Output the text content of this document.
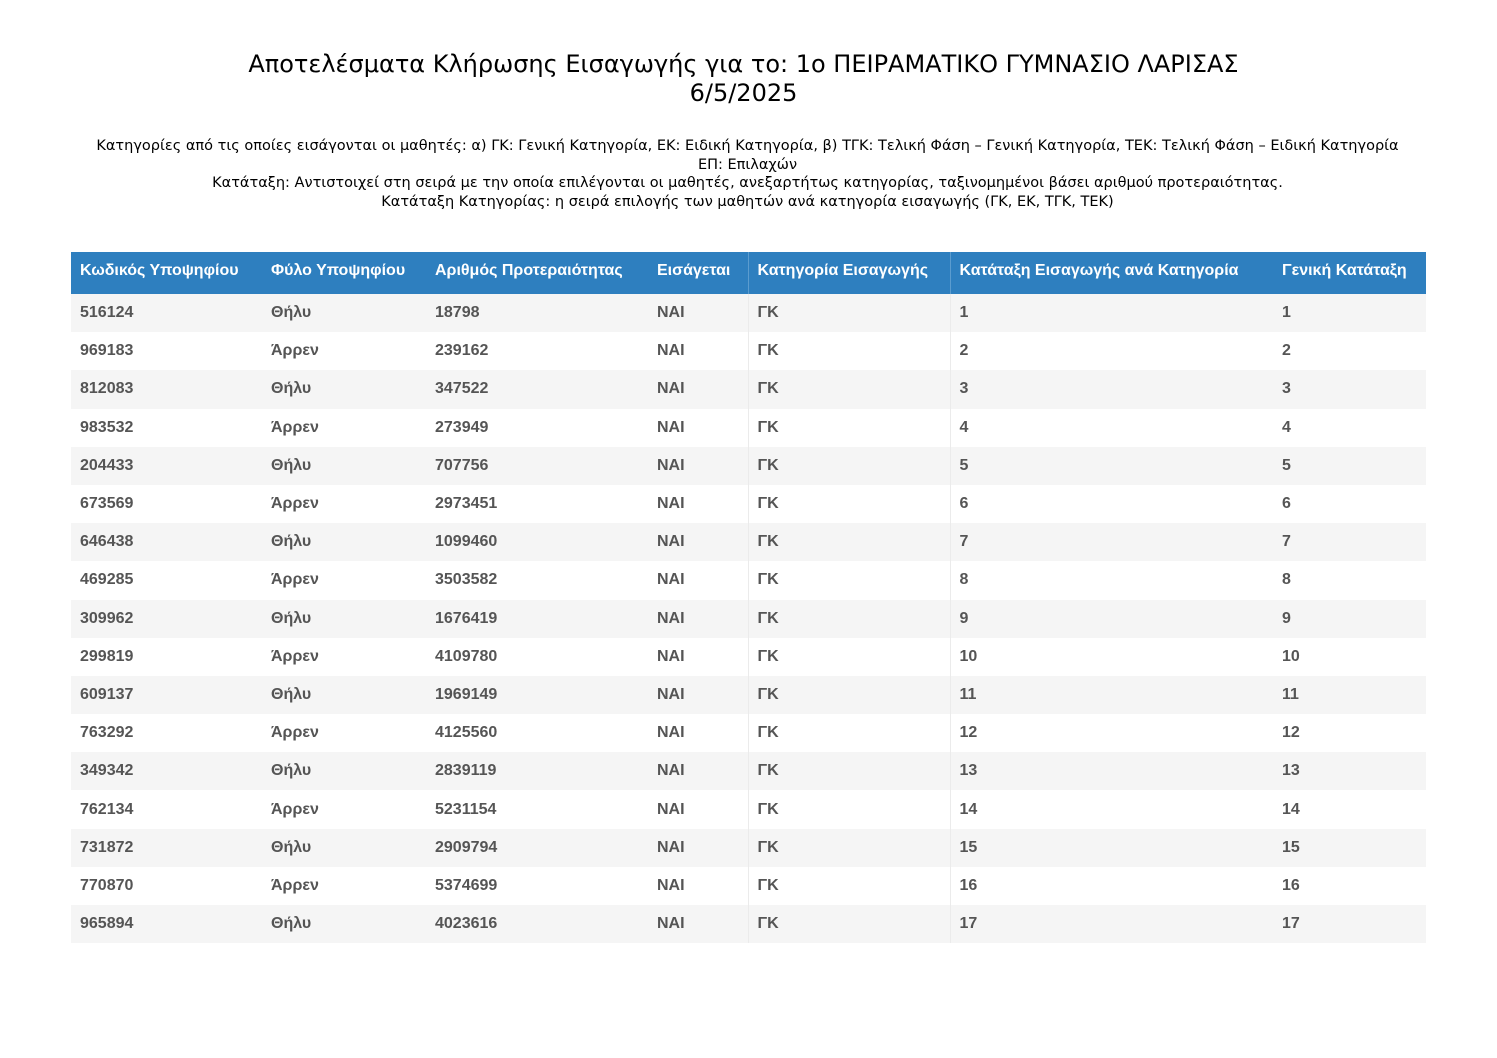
Αποτελέσματα Κλήρωσης Εισαγωγής για το: 1ο ΠΕΙΡΑΜΑΤΙΚΟ ΓΥΜΝΑΣΙΟ ΛΑΡΙΣΑΣ
6/5/2025
Κατηγορίες από τις οποίες εισάγονται οι μαθητές: α) ΓΚ: Γενική Κατηγορία, ΕΚ: Ειδική Κατηγορία, β) ΤΓΚ: Τελική Φάση – Γενική Κατηγορία, ΤΕΚ: Τελική Φάση – Ειδική Κατηγορία
ΕΠ: Επιλαχών
Κατάταξη: Αντιστοιχεί στη σειρά με την οποία επιλέγονται οι μαθητές, ανεξαρτήτως κατηγορίας, ταξινομημένοι βάσει αριθμού προτεραιότητας.
Κατάταξη Κατηγορίας: η σειρά επιλογής των μαθητών ανά κατηγορία εισαγωγής (ΓΚ, ΕΚ, ΤΓΚ, ΤΕΚ)
Κωδικός Υποψηφίου	Φύλο Υποψηφίου	Αριθμός Προτεραιότητας	Εισάγεται	Κατηγορία Εισαγωγής	Κατάταξη Εισαγωγής ανά Κατηγορία	Γενική Κατάταξη
516124	Θήλυ	18798	ΝΑΙ	ΓΚ	1	1
969183	Άρρεν	239162	ΝΑΙ	ΓΚ	2	2
812083	Θήλυ	347522	ΝΑΙ	ΓΚ	3	3
983532	Άρρεν	273949	ΝΑΙ	ΓΚ	4	4
204433	Θήλυ	707756	ΝΑΙ	ΓΚ	5	5
673569	Άρρεν	2973451	ΝΑΙ	ΓΚ	6	6
646438	Θήλυ	1099460	ΝΑΙ	ΓΚ	7	7
469285	Άρρεν	3503582	ΝΑΙ	ΓΚ	8	8
309962	Θήλυ	1676419	ΝΑΙ	ΓΚ	9	9
299819	Άρρεν	4109780	ΝΑΙ	ΓΚ	10	10
609137	Θήλυ	1969149	ΝΑΙ	ΓΚ	11	11
763292	Άρρεν	4125560	ΝΑΙ	ΓΚ	12	12
349342	Θήλυ	2839119	ΝΑΙ	ΓΚ	13	13
762134	Άρρεν	5231154	ΝΑΙ	ΓΚ	14	14
731872	Θήλυ	2909794	ΝΑΙ	ΓΚ	15	15
770870	Άρρεν	5374699	ΝΑΙ	ΓΚ	16	16
965894	Θήλυ	4023616	ΝΑΙ	ΓΚ	17	17
